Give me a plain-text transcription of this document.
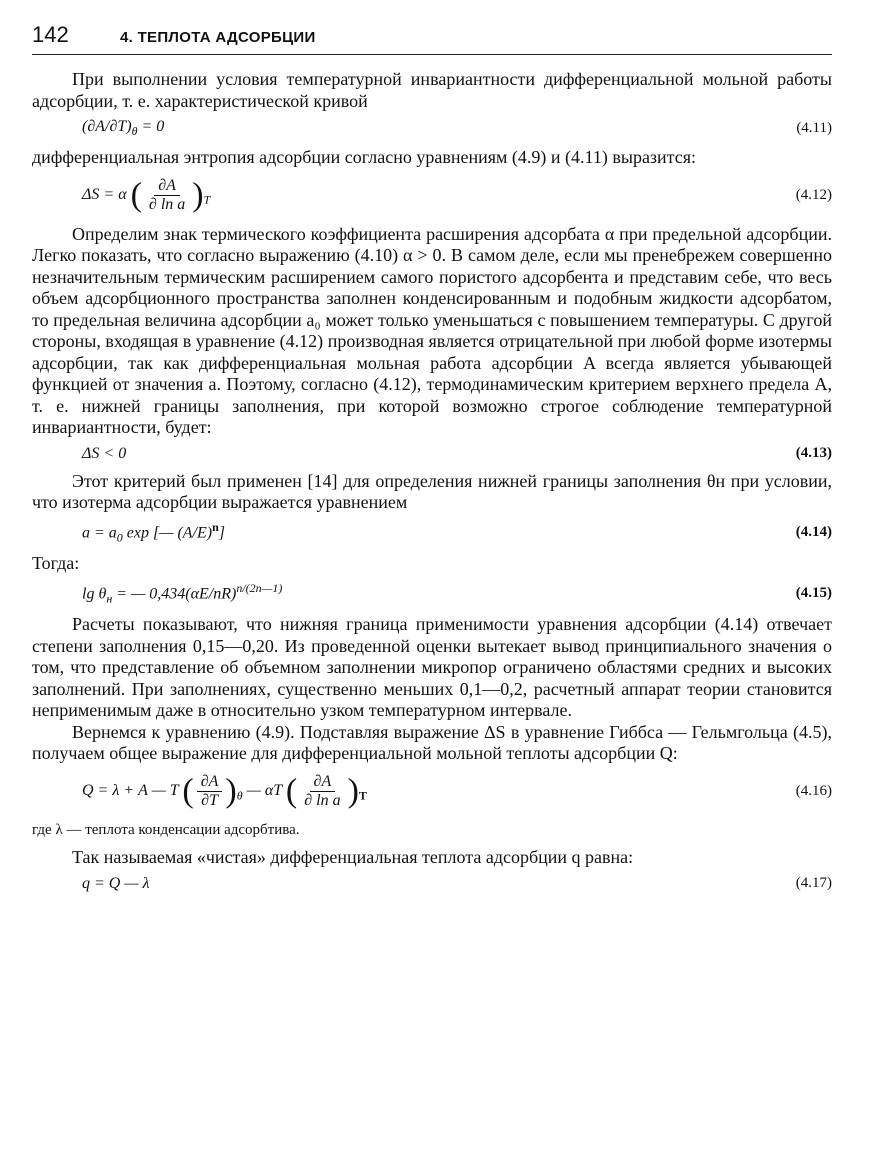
142	4. ТЕПЛОТА АДСОРБЦИИ

При выполнении условия температурной инвариантности дифференциальной мольной работы адсорбции, т. е. характеристической кривой

$(\partial A/\partial T)_\theta = 0$	(4.11)

дифференциальная энтропия адсорбции согласно уравнениям (4.9) и (4.11) выразится:

ΔS = α ( $\frac{\partial A}{\text{∂ ln a}} )_T$	(4.12)

Определим знак термического коэффициента расширения адсорбата α при предельной адсорбции. Легко показать, что согласно выражению (4.10) α > 0. В самом деле, если мы пренебрежем совершенно незначительным термическим расширением самого пористого адсорбента и представим себе, что весь объем адсорбционного пространства заполнен конденсированным и подобным жидкости адсорбатом, то предельная величина адсорбции a₀ может только уменьшаться с повышением температуры. С другой стороны, входящая в уравнение (4.12) производная является отрицательной при любой форме изотермы адсорбции, так как дифференциальная мольная работа адсорбции A всегда является убывающей функцией от значения a. Поэтому, согласно (4.12), термодинамическим критерием верхнего предела A, т. е. нижней границы заполнения, при которой возможно строгое соблюдение температурной инвариантности, будет:

ΔS < 0	(4.13)

Этот критерий был применен [14] для определения нижней границы заполнения θн при условии, что изотерма адсорбции выражается уравнением

$a = a_0$ exp [— $(A/E)^n$]	(4.14)

Тогда:

$\lg \theta_н$ = — $0,434(\alpha E/nR)^{n/(2n—1)}$	(4.15)

Расчеты показывают, что нижняя граница применимости уравнения адсорбции (4.14) отвечает степени заполнения 0,15—0,20. Из проведенной оценки вытекает вывод принципиального значения о том, что представление об объемном заполнении микропор ограничено областями средних и высоких заполнений. При заполнениях, существенно меньших 0,1—0,2, расчетный аппарат теории становится неприменимым даже в относительно узком температурном интервале.

Вернемся к уравнению (4.9). Подставляя выражение ΔS в уравнение Гиббса — Гельмгольца (4.5), получаем общее выражение для дифференциальной мольной теплоты адсорбции Q:

Q = λ + A — T ( $\frac{\partial A}{\partial T} )_\theta$ — αT ( $\frac{\partial A}{\text{∂ ln a}} )_T$	(4.16)

где λ — теплота конденсации адсорбтива.

Так называемая «чистая» дифференциальная теплота адсорбции q равна:

q = Q — λ	(4.17)
